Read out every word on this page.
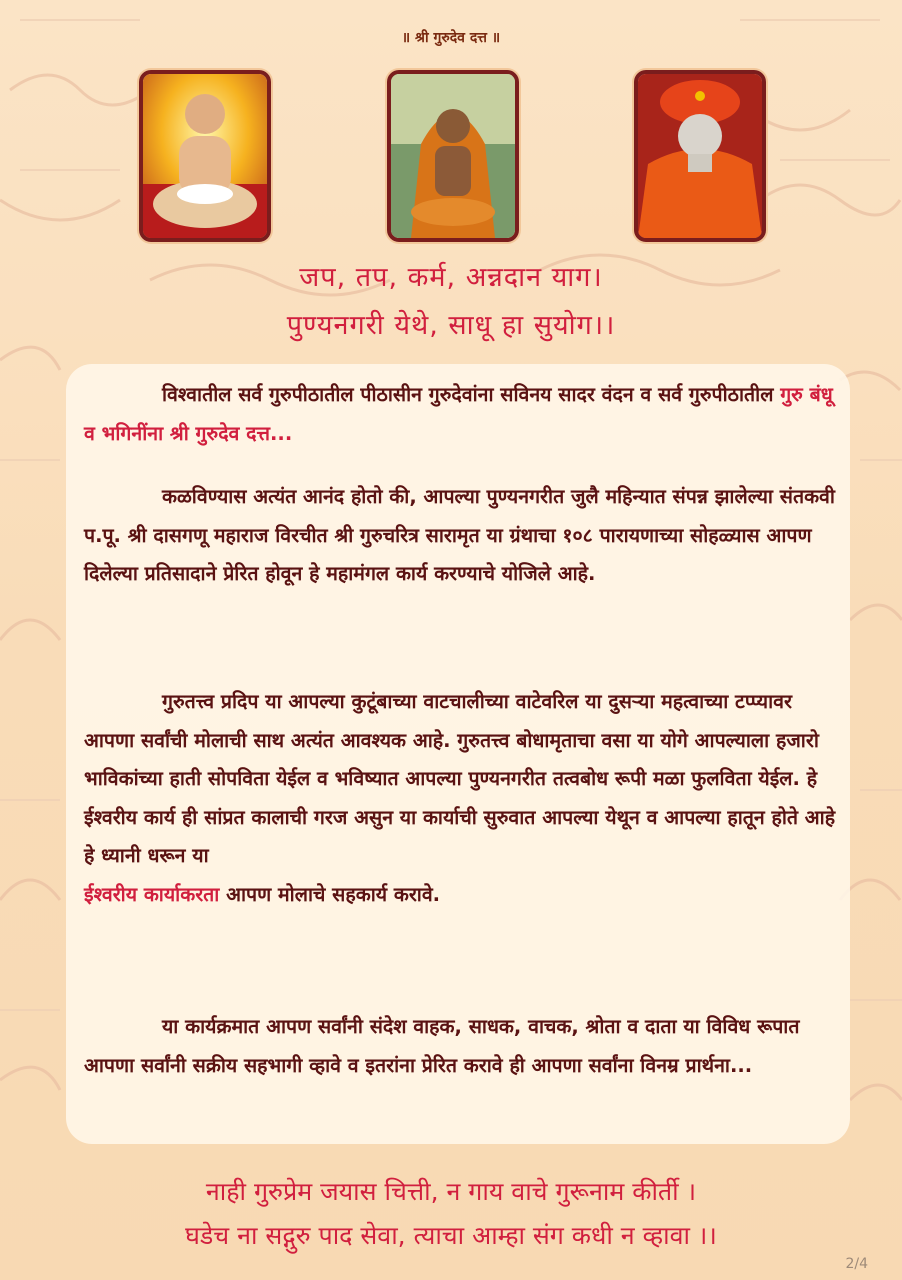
॥ श्री गुरुदेव दत्त ॥
जप, तप, कर्म, अन्नदान याग।
पुण्यनगरी येथे, साधू हा सुयोग।।
विश्वातील सर्व गुरुपीठातील पीठासीन गुरुदेवांना सविनय सादर वंदन व सर्व गुरुपीठातील गुरु बंधू व भगिनींना श्री गुरुदेव दत्त...
कळविण्यास अत्यंत आनंद होतो की, आपल्या पुण्यनगरीत जुलै महिन्यात संपन्न झालेल्या संतकवी प.पू. श्री दासगणू महाराज विरचीत श्री गुरुचरित्र सारामृत या ग्रंथाचा १०८ पारायणाच्या सोहळ्यास आपण दिलेल्या प्रतिसादाने प्रेरित होवून हे महामंगल कार्य करण्याचे योजिले आहे.
गुरुतत्त्व प्रदिप या आपल्या कुटूंबाच्या वाटचालीच्या वाटेवरिल या दुसऱ्या महत्वाच्या टप्प्यावर आपणा सर्वांची मोलाची साथ अत्यंत आवश्यक आहे. गुरुतत्त्व बोधामृताचा वसा या योगे आपल्याला हजारो भाविकांच्या हाती सोपविता येईल व भविष्यात आपल्या पुण्यनगरीत तत्वबोध रूपी मळा फुलविता येईल. हे ईश्वरीय कार्य ही सांप्रत कालाची गरज असुन या कार्याची सुरुवात आपल्या येथून व आपल्या हातून होते आहे हे ध्यानी धरून या
ईश्वरीय कार्याकरता आपण मोलाचे सहकार्य करावे.
या कार्यक्रमात आपण सर्वांनी संदेश वाहक, साधक, वाचक, श्रोता व दाता या विविध रूपात आपणा सर्वांनी सक्रीय सहभागी व्हावे व इतरांना प्रेरित करावे ही आपणा सर्वांना विनम्र प्रार्थना...
नाही गुरुप्रेम जयास चित्ती, न गाय वाचे गुरूनाम कीर्ती ।
घडेच ना सद्गुरु पाद सेवा, त्याचा आम्हा संग कधी न व्हावा ।।
2/4
